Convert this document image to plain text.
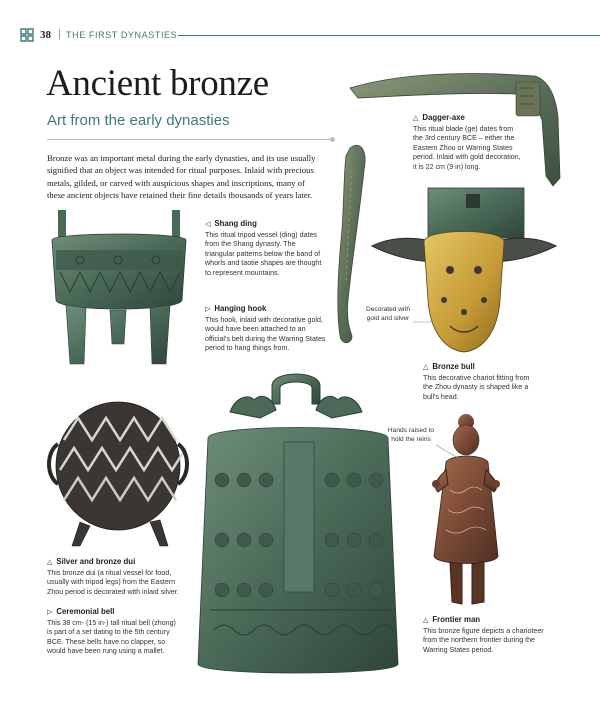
38 | THE FIRST DYNASTIES
Ancient bronze
Art from the early dynasties
Bronze was an important metal during the early dynasties, and its use usually signified that an object was intended for ritual purposes. Inlaid with precious metals, gilded, or carved with auspicious shapes and inscriptions, many of these ancient objects have retained their fine details thousands of years later.
△ Dagger-axe
This ritual blade (ge) dates from the 3rd century BCE – either the Eastern Zhou or Warring States period. Inlaid with gold decoration, it is 22 cm (9 in) long.
◁ Shang ding
This ritual tripod vessel (ding) dates from the Shang dynasty. The triangular patterns below the band of whorls and taotie shapes are thought to represent mountains.
▷ Hanging hook
This hook, inlaid with decorative gold, would have been attached to an official's belt during the Warring States period to hang things from.
Decorated with gold and silver
△ Bronze bull
This decorative chariot fitting from the Zhou dynasty is shaped like a bull's head.
△ Silver and bronze dui
This bronze dui (a ritual vessel for food, usually with tripod legs) from the Eastern Zhou period is decorated with inlaid silver.
▷ Ceremonial bell
This 38 cm- (15 in-) tall ritual bell (zhong) is part of a set dating to the 5th century BCE. These bells have no clapper, so would have been rung using a mallet.
Hands raised to hold the reins
△ Frontier man
This bronze figure depicts a charioteer from the northern frontier during the Warring States period.
